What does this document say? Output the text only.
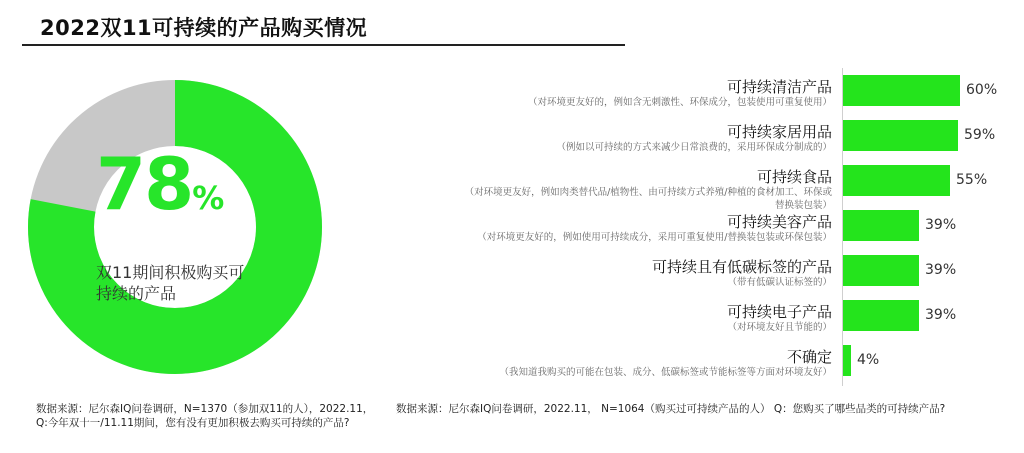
2022双11可持续的产品购买情况
78%
双11期间积极购买可持续的产品
可持续清洁产品
（对环境更友好的，例如含无刺激性、环保成分，包装使用可重复使用）
60%
可持续家居用品
（例如以可持续的方式来减少日常浪费的，采用环保成分制成的）
59%
可持续食品
（对环境更友好，例如肉类替代品/植物性、由可持续方式养殖/种植的食材加工、环保或替换装包装）
55%
可持续美容产品
（对环境更友好的，例如使用可持续成分，采用可重复使用/替换装包装或环保包装）
39%
可持续且有低碳标签的产品
（带有低碳认证标签的）
39%
可持续电子产品
（对环境友好且节能的）
39%
不确定
（我知道我购买的可能在包装、成分、低碳标签或节能标签等方面对环境友好）
4%
数据来源：尼尔森IQ问卷调研，N=1370（参加双11的人），2022.11， Q:今年双十一/11.11期间，您有没有更加积极去购买可持续的产品?
数据来源：尼尔森IQ问卷调研，2022.11， N=1064（购买过可持续产品的人） Q：您购买了哪些品类的可持续产品?
